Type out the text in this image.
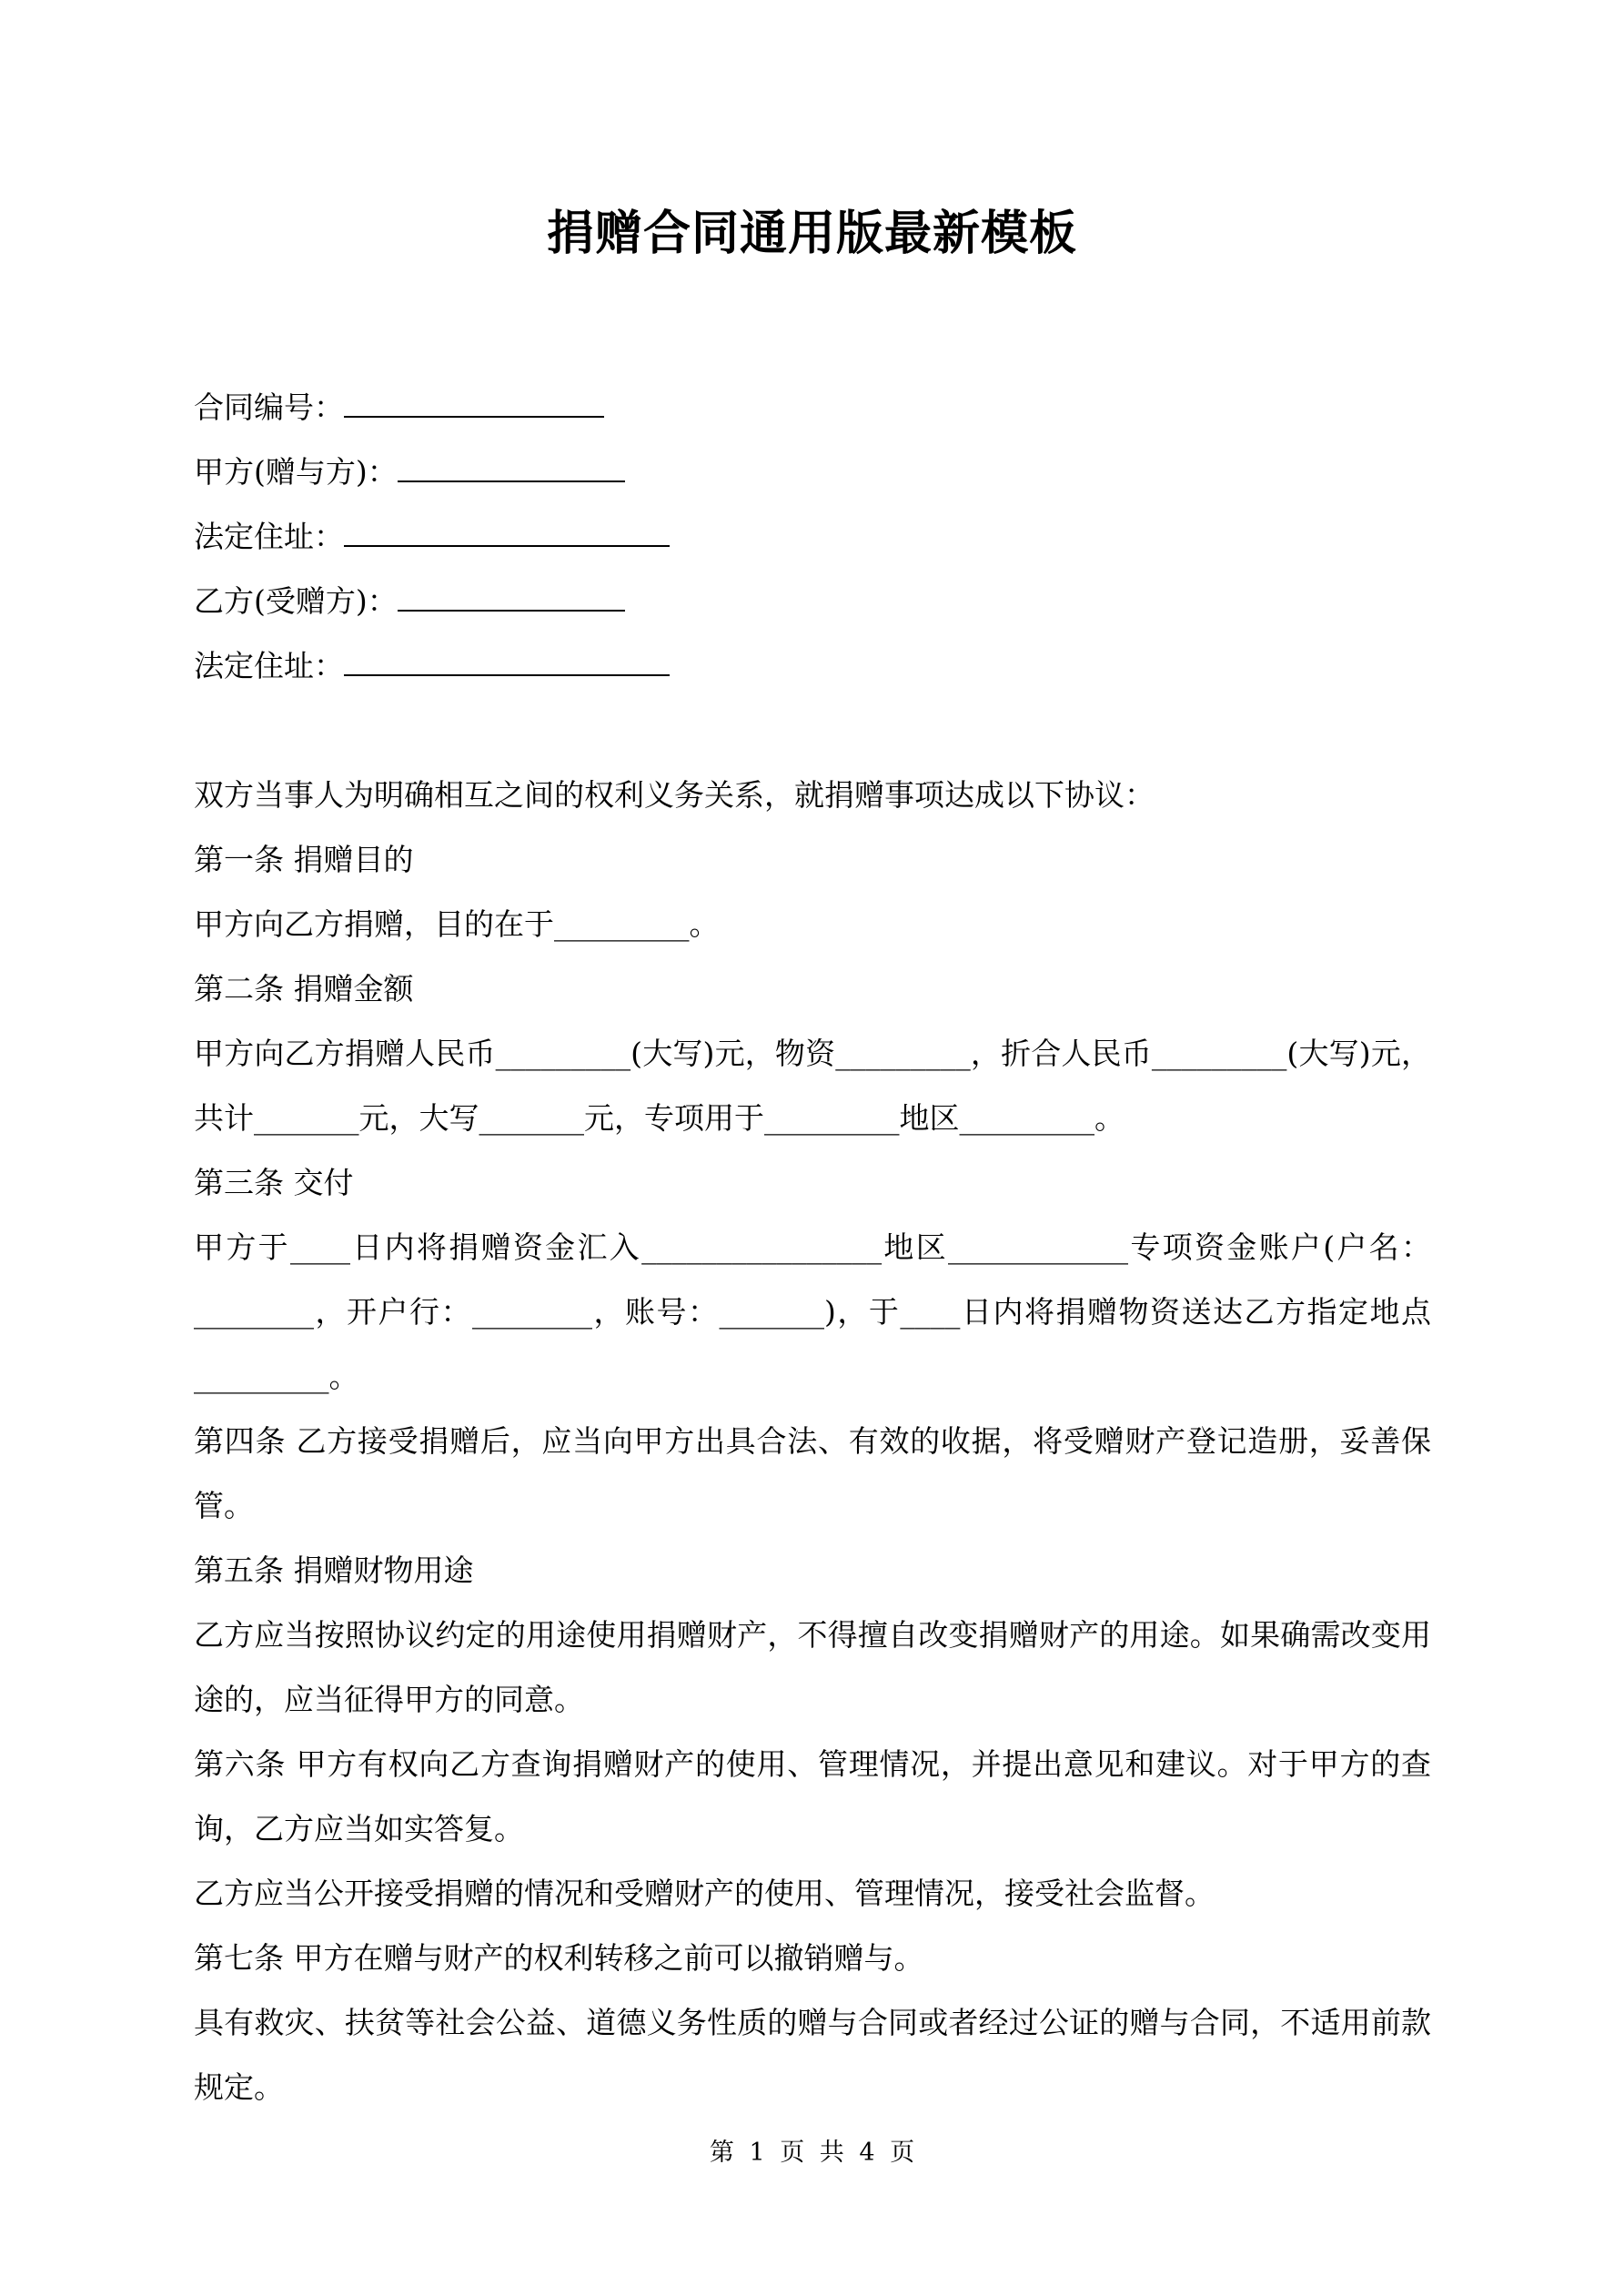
捐赠合同通用版最新模板
合同编号：
甲方(赠与方)：
法定住址：
乙方(受赠方)：
法定住址：

双方当事人为明确相互之间的权利义务关系，就捐赠事项达成以下协议：

第一条 捐赠目的

甲方向乙方捐赠，目的在于_________。

第二条 捐赠金额

甲方向乙方捐赠人民币_________(大写)元，物资_________，折合人民币_________(大写)元，共计_______元，大写_______元，专项用于_________地区_________。

第三条 交付

甲方于____日内将捐赠资金汇入________________地区____________专项资金账户(户名：________，开户行：________，账号：_______)，于____日内将捐赠物资送达乙方指定地点_________。

第四条 乙方接受捐赠后，应当向甲方出具合法、有效的收据，将受赠财产登记造册，妥善保管。

第五条 捐赠财物用途

乙方应当按照协议约定的用途使用捐赠财产，不得擅自改变捐赠财产的用途。如果确需改变用途的，应当征得甲方的同意。

第六条 甲方有权向乙方查询捐赠财产的使用、管理情况，并提出意见和建议。对于甲方的查询，乙方应当如实答复。

乙方应当公开接受捐赠的情况和受赠财产的使用、管理情况，接受社会监督。

第七条 甲方在赠与财产的权利转移之前可以撤销赠与。

具有救灾、扶贫等社会公益、道德义务性质的赠与合同或者经过公证的赠与合同，不适用前款规定。

第 1 页 共 4 页
